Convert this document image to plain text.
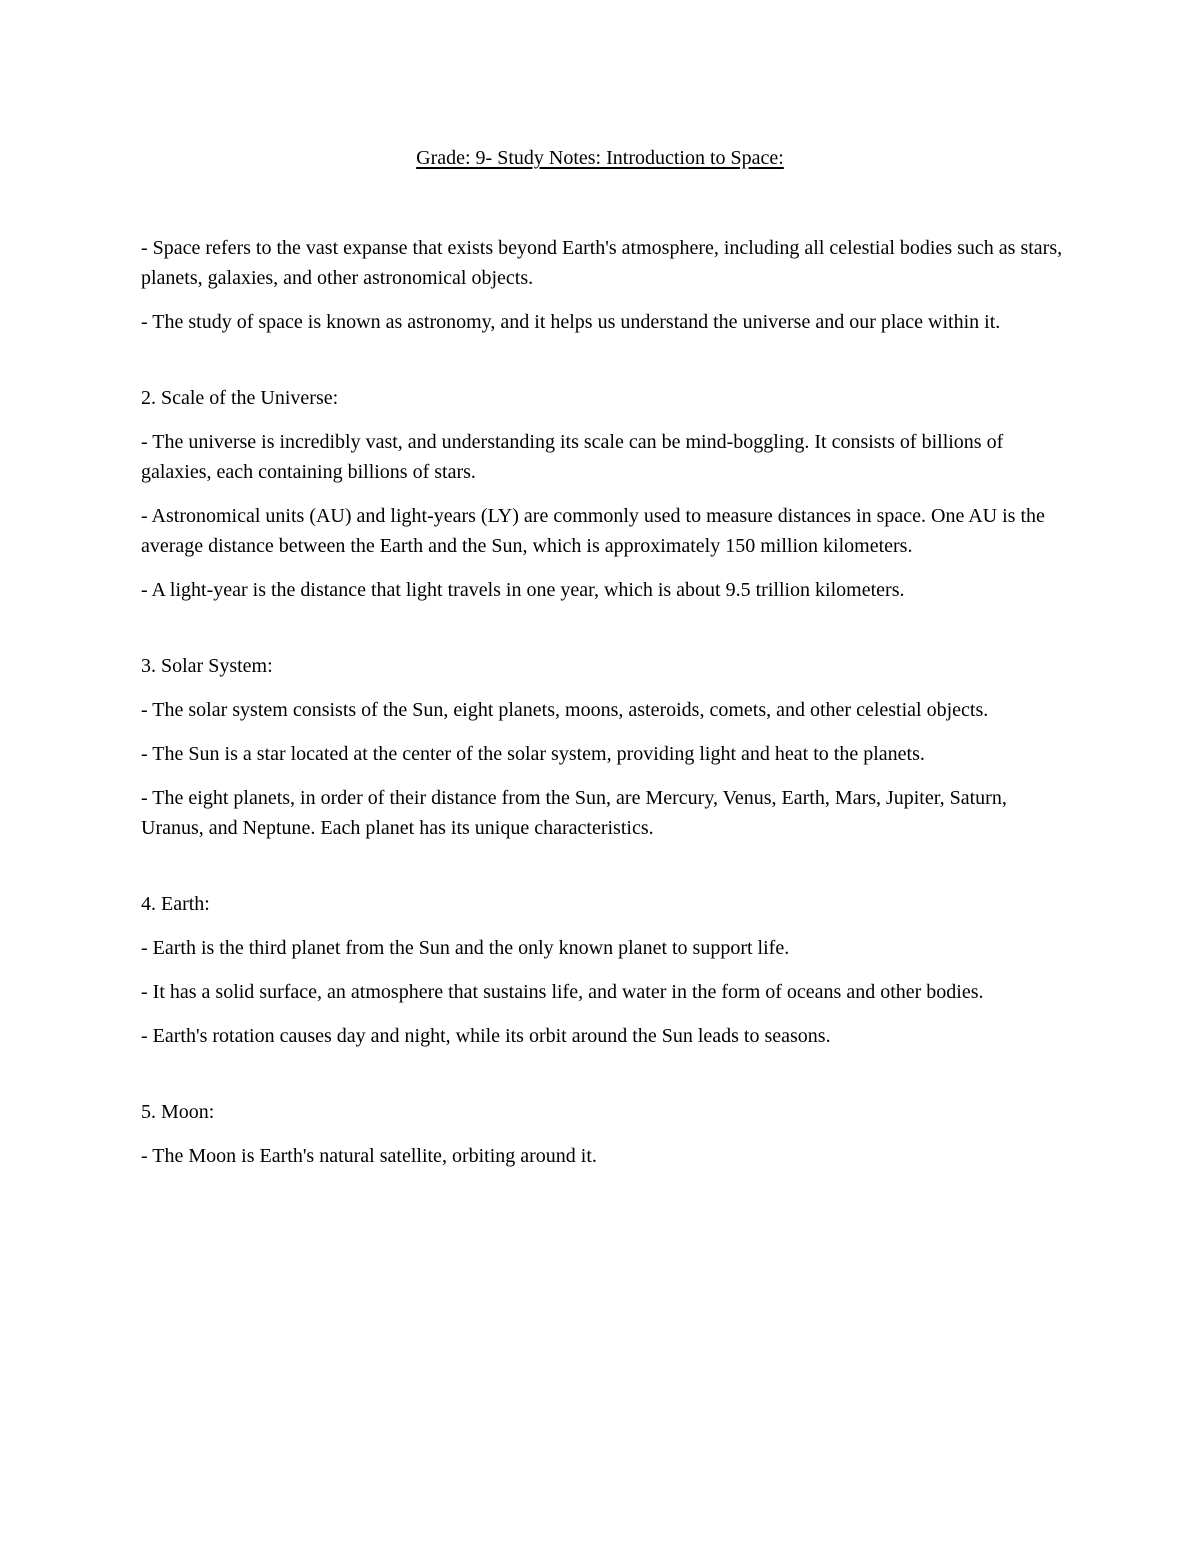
Grade: 9- Study Notes: Introduction to Space:

- Space refers to the vast expanse that exists beyond Earth's atmosphere, including all celestial bodies such as stars, planets, galaxies, and other astronomical objects.

- The study of space is known as astronomy, and it helps us understand the universe and our place within it.

2. Scale of the Universe:

- The universe is incredibly vast, and understanding its scale can be mind-boggling. It consists of billions of galaxies, each containing billions of stars.

- Astronomical units (AU) and light-years (LY) are commonly used to measure distances in space. One AU is the average distance between the Earth and the Sun, which is approximately 150 million kilometers.

- A light-year is the distance that light travels in one year, which is about 9.5 trillion kilometers.

3. Solar System:

- The solar system consists of the Sun, eight planets, moons, asteroids, comets, and other celestial objects.

- The Sun is a star located at the center of the solar system, providing light and heat to the planets.

- The eight planets, in order of their distance from the Sun, are Mercury, Venus, Earth, Mars, Jupiter, Saturn, Uranus, and Neptune. Each planet has its unique characteristics.

4. Earth:

- Earth is the third planet from the Sun and the only known planet to support life.

- It has a solid surface, an atmosphere that sustains life, and water in the form of oceans and other bodies.

- Earth's rotation causes day and night, while its orbit around the Sun leads to seasons.

5. Moon:

- The Moon is Earth's natural satellite, orbiting around it.
